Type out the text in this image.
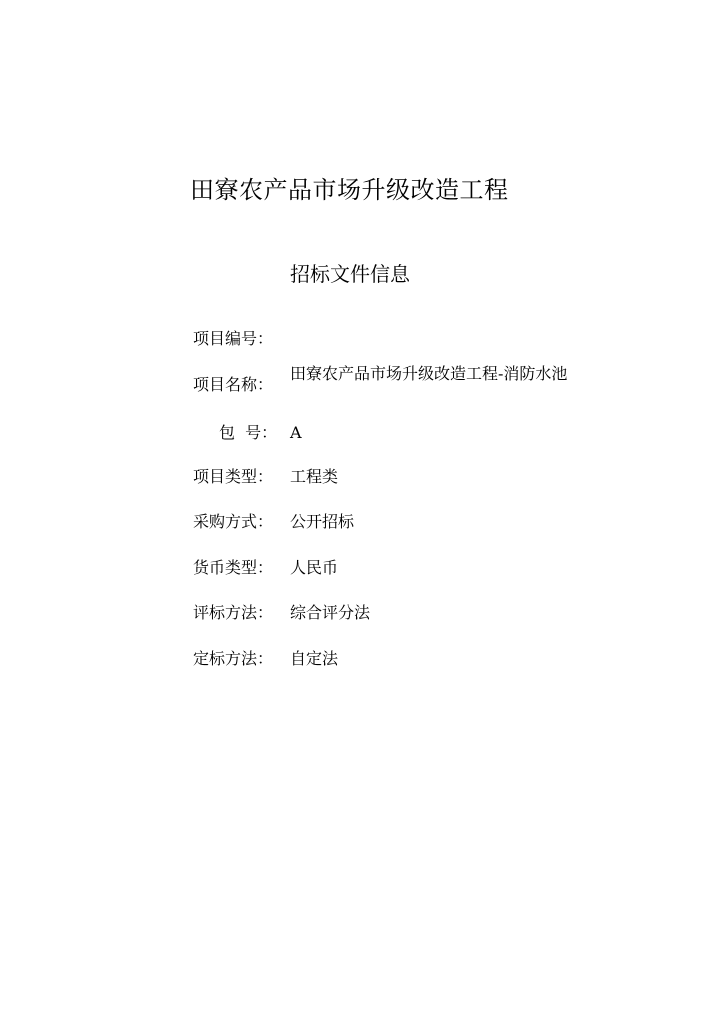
田寮农产品市场升级改造工程
招标文件信息
项目编号：
项目名称：
田寮农产品市场升级改造工程-消防水池
包  号： A
项目类型：	工程类
采购方式：	公开招标
货币类型：	人民币
评标方法：	综合评分法
定标方法：	自定法
